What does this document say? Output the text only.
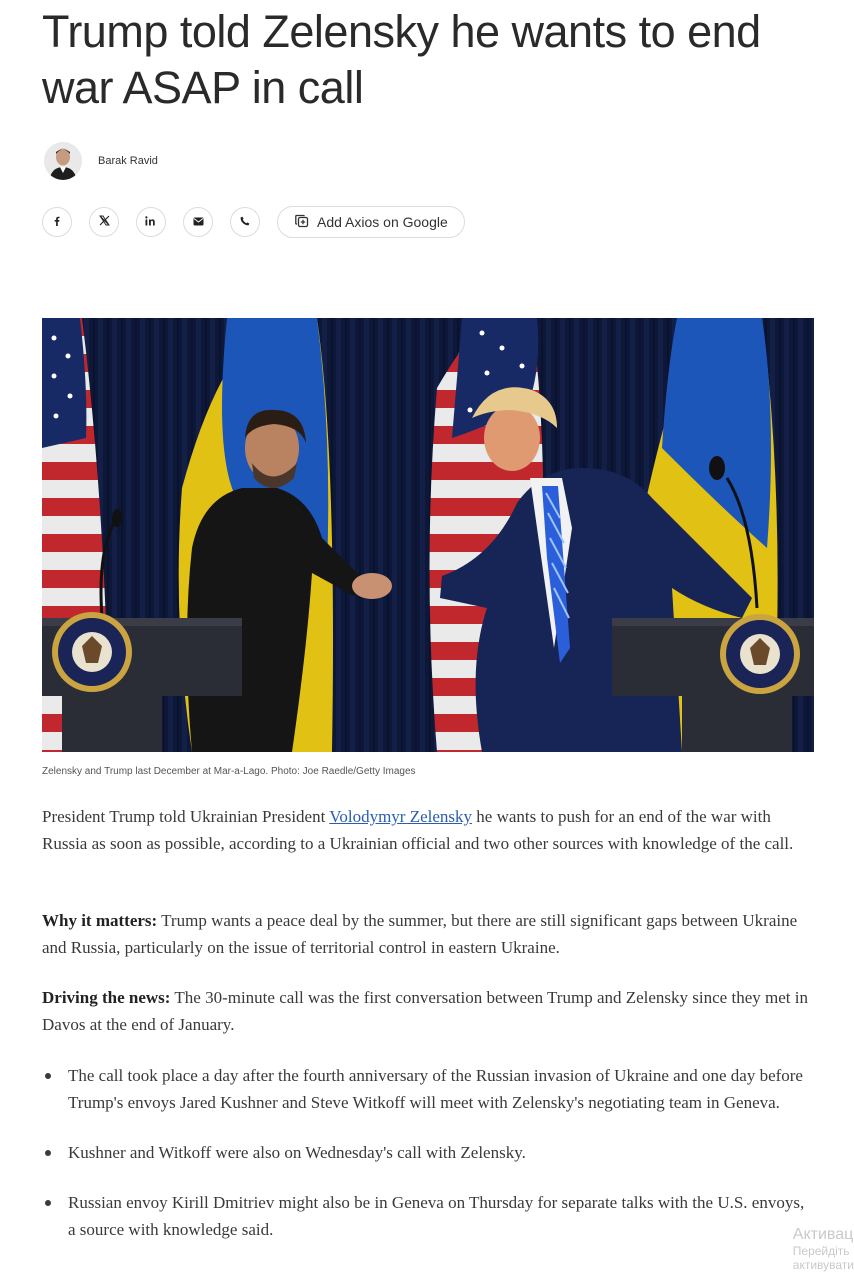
Trump told Zelensky he wants to end war ASAP in call
Barak Ravid
Add Axios on Google
Zelensky and Trump last December at Mar-a-Lago. Photo: Joe Raedle/Getty Images

President Trump told Ukrainian President Volodymyr Zelensky he wants to push for an end of the war with Russia as soon as possible, according to a Ukrainian official and two other sources with knowledge of the call.

Why it matters: Trump wants a peace deal by the summer, but there are still significant gaps between Ukraine and Russia, particularly on the issue of territorial control in eastern Ukraine.

Driving the news: The 30-minute call was the first conversation between Trump and Zelensky since they met in Davos at the end of January.

The call took place a day after the fourth anniversary of the Russian invasion of Ukraine and one day before Trump's envoys Jared Kushner and Steve Witkoff will meet with Zelensky's negotiating team in Geneva.
Kushner and Witkoff were also on Wednesday's call with Zelensky.
Russian envoy Kirill Dmitriev might also be in Geneva on Thursday for separate talks with the U.S. envoys, a source with knowledge said.	Активац
Перейдіть
активувати
